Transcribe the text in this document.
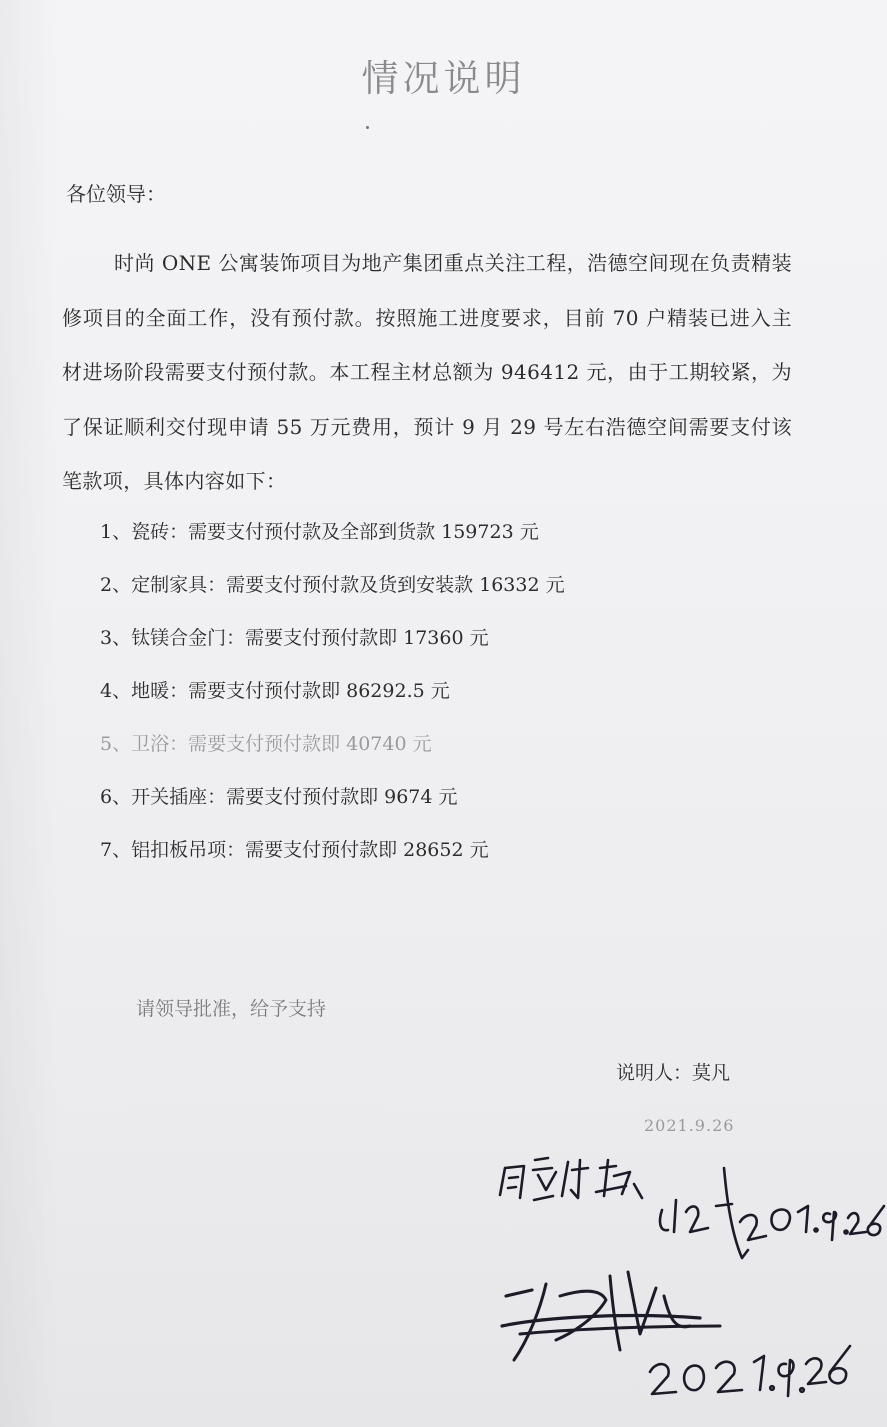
情况说明
各位领导：
时尚 ONE 公寓装饰项目为地产集团重点关注工程，浩德空间现在负责精装修项目的全面工作，没有预付款。按照施工进度要求，目前 70 户精装已进入主材进场阶段需要支付预付款。本工程主材总额为 946412 元，由于工期较紧，为了保证顺利交付现申请 55 万元费用，预计 9 月 29 号左右浩德空间需要支付该笔款项，具体内容如下：
1、瓷砖：需要支付预付款及全部到货款 159723 元
2、定制家具：需要支付预付款及货到安装款 16332 元
3、钛镁合金门：需要支付预付款即 17360 元
4、地暖：需要支付预付款即 86292.5 元
5、卫浴：需要支付预付款即 40740 元
6、开关插座：需要支付预付款即 9674 元
7、铝扣板吊项：需要支付预付款即 28652 元
请领导批准，给予支持
说明人：莫凡
2021.9.26
